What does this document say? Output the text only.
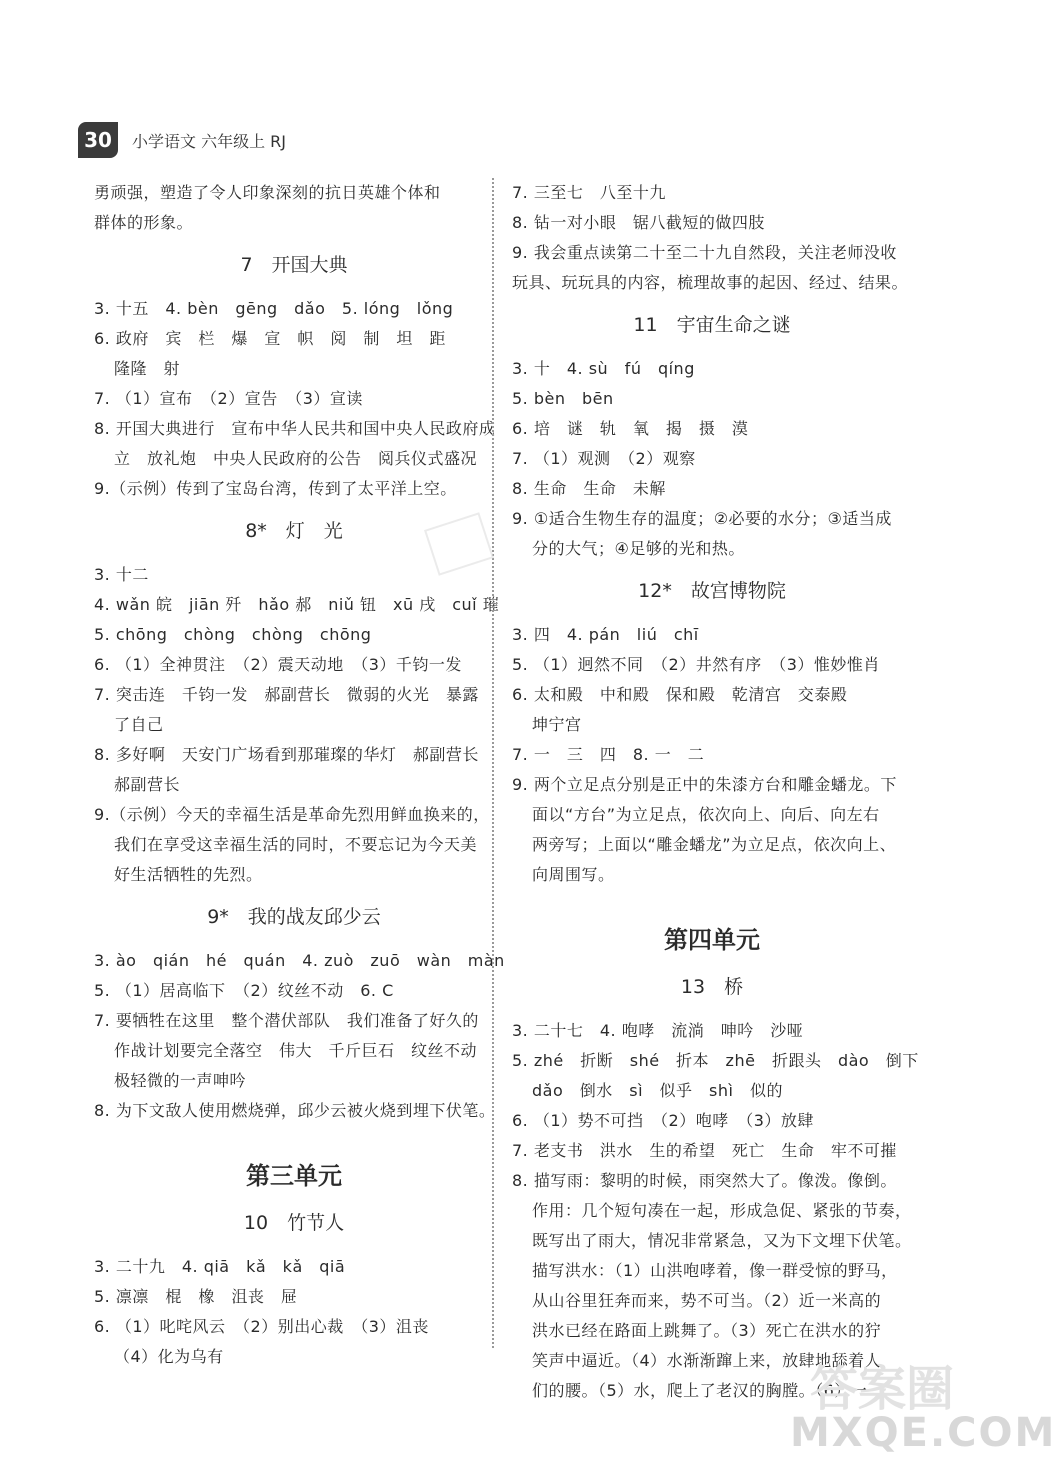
30	小学语文 六年级上 RJ
勇顽强，塑造了令人印象深刻的抗日英雄个体和
群体的形象。
7　开国大典
3. 十五　4. bèn　gēng　dǎo　5. lóng　lǒng
6. 政府　宾　栏　爆　宣　帜　阅　制　坦　距
隆隆　射
7. （1）宣布　（2）宣告　（3）宣读
8. 开国大典进行　宣布中华人民共和国中央人民政府成
立　放礼炮　中央人民政府的公告　阅兵仪式盛况
9.（示例）传到了宝岛台湾，传到了太平洋上空。
8*　灯　光
3. 十二
4. wǎn 皖　jiān 歼　hǎo 郝　niǔ 钮　xū 戌　cuǐ 璀
5. chōng　chòng　chòng　chōng
6. （1）全神贯注　（2）震天动地　（3）千钧一发
7. 突击连　千钧一发　郝副营长　微弱的火光　暴露
了自己
8. 多好啊　天安门广场看到那璀璨的华灯　郝副营长
郝副营长
9.（示例）今天的幸福生活是革命先烈用鲜血换来的，
我们在享受这幸福生活的同时，不要忘记为今天美
好生活牺牲的先烈。
9*　我的战友邱少云
3. ào　qián　hé　quán　4. zuò　zuō　wàn　màn
5. （1）居高临下　（2）纹丝不动　6. C
7. 要牺牲在这里　整个潜伏部队　我们准备了好久的
作战计划要完全落空　伟大　千斤巨石　纹丝不动
极轻微的一声呻吟
8. 为下文敌人使用燃烧弹，邱少云被火烧到埋下伏笔。
第三单元
10　竹节人
3. 二十九　4. qiā　kǎ　kǎ　qiā
5. 凛凛　棍　橡　沮丧　屉
6. （1）叱咤风云　（2）别出心裁　（3）沮丧
（4）化为乌有
7. 三至七　八至十九
8. 钻一对小眼　锯八截短的做四肢
9. 我会重点读第二十至二十九自然段，关注老师没收
玩具、玩玩具的内容，梳理故事的起因、经过、结果。
11　宇宙生命之谜
3. 十　4. sù　fú　qíng
5. bèn　bēn
6. 培　谜　轨　氧　揭　摄　漠
7. （1）观测　（2）观察
8. 生命　生命　未解
9. ①适合生物生存的温度；②必要的水分；③适当成
分的大气；④足够的光和热。
12*　故宫博物院
3. 四　4. pán　liú　chī
5. （1）迥然不同　（2）井然有序　（3）惟妙惟肖
6. 太和殿　中和殿　保和殿　乾清宫　交泰殿
坤宁宫
7. 一　三　四　8. 一　二
9. 两个立足点分别是正中的朱漆方台和雕金蟠龙。下
面以“方台”为立足点，依次向上、向后、向左右
两旁写；上面以“雕金蟠龙”为立足点，依次向上、
向周围写。
第四单元
13　桥
3. 二十七　4. 咆哮　流淌　呻吟　沙哑
5. zhé　折断　shé　折本　zhē　折跟头　dào　倒下
dǎo　倒水　sì　似乎　shì　似的
6. （1）势不可挡　（2）咆哮　（3）放肆
7. 老支书　洪水　生的希望　死亡　生命　牢不可摧
8. 描写雨：黎明的时候，雨突然大了。像泼。像倒。
作用：几个短句凑在一起，形成急促、紧张的节奏，
既写出了雨大，情况非常紧急，又为下文埋下伏笔。
描写洪水：（1）山洪咆哮着，像一群受惊的野马，
从山谷里狂奔而来，势不可当。（2）近一米高的
洪水已经在路面上跳舞了。（3）死亡在洪水的狞
笑声中逼近。（4）水渐渐蹿上来，放肆地舔着人
们的腰。（5）水，爬上了老汉的胸膛。（6）一
答案圈
MXQE.COM
